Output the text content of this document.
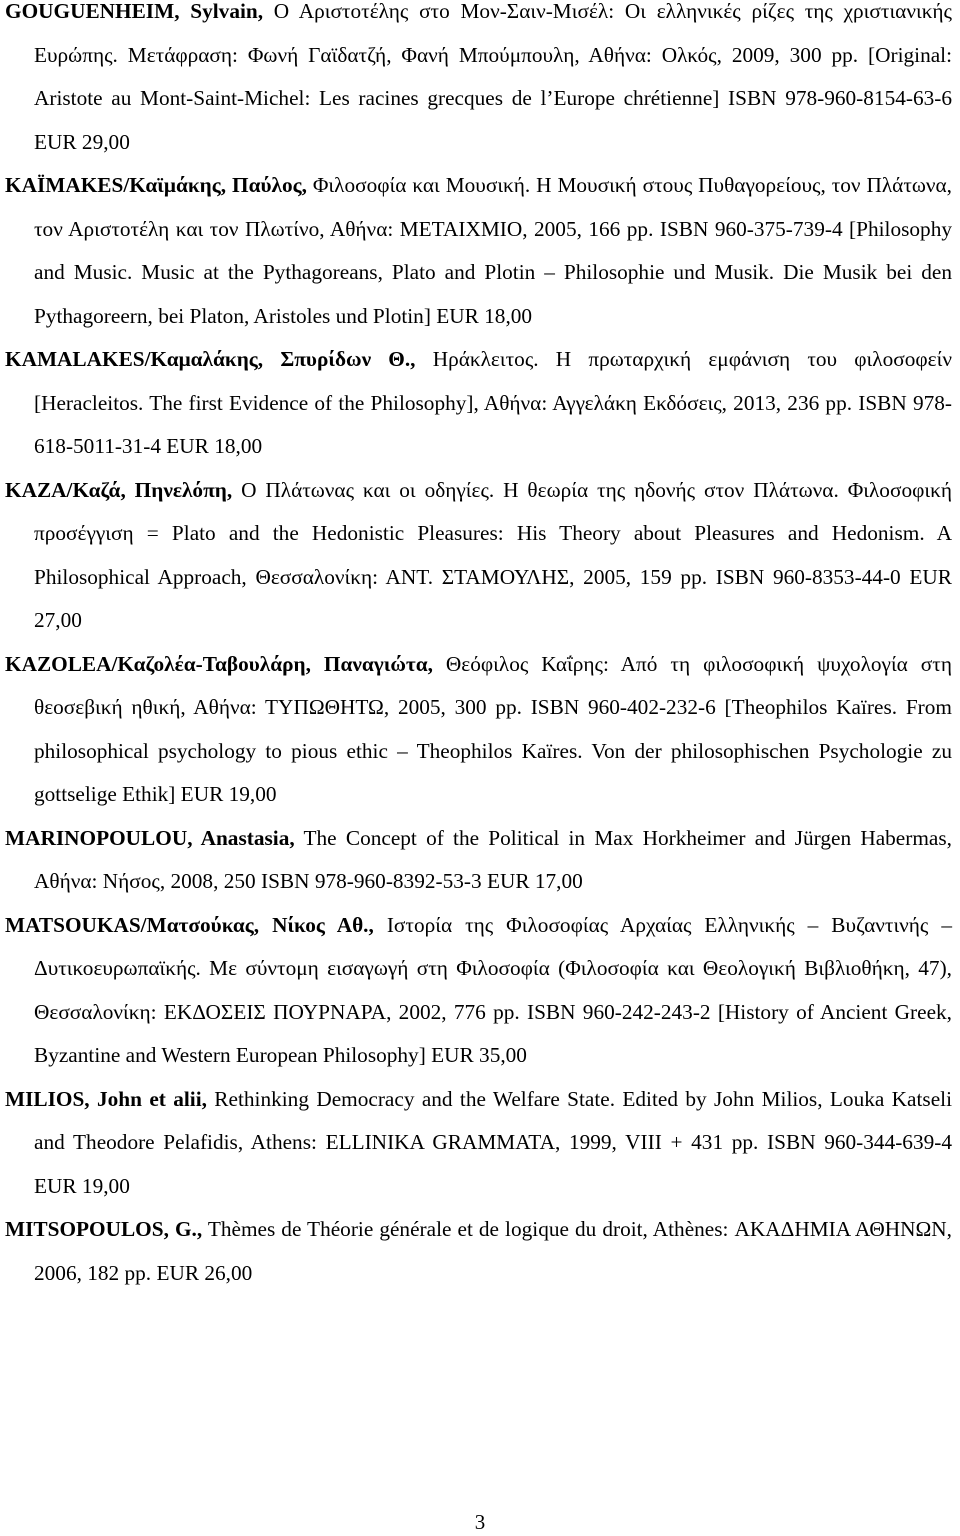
GOUGUENHEIM, Sylvain, Ο Αριστοτέλης στο Μον-Σαιν-Μισέλ: Οι ελληνικές ρίζες της χριστιανικής Ευρώπης. Μετάφραση: Φωνή Γαϊδατζή, Φανή Μπούμπουλη, Αθήνα: Ολκός, 2009, 300 pp. [Original: Aristote au Mont-Saint-Michel: Les racines grecques de l’Europe chrétienne] ISBN 978-960-8154-63-6 EUR 29,00

ΚΑΪΜΑΚΕS/Καϊμάκης, Παύλος, Φιλοσοφία και Μουσική. Η Μουσική στους Πυθαγορείους, τον Πλάτωνα, τον Αριστοτέλη και τον Πλωτίνο, Αθήνα: ΜΕΤΑΙΧΜΙΟ, 2005, 166 pp. ISBN 960-375-739-4 [Philosophy and Music. Music at the Pythagoreans, Plato and Plotin – Philosophie und Musik. Die Musik bei den Pythagoreern, bei Platon, Aristoles und Plotin] EUR 18,00

KAMALAKES/Καμαλάκης, Σπυρίδων Θ., Ηράκλειτος. Η πρωταρχική εμφάνιση του φιλοσοφείν [Heracleitos. The first Evidence of the Philosophy], Αθήνα: Αγγελάκη Εκδόσεις, 2013, 236 pp. ISBN 978-618-5011-31-4 EUR 18,00

KAZA/Καζά, Πηνελόπη, Ο Πλάτωνας και οι οδηγίες. Η θεωρία της ηδονής στον Πλάτωνα. Φιλοσοφική προσέγγιση = Plato and the Hedonistic Pleasures: His Theory about Pleasures and Hedonism. A Philosophical Approach, Θεσσαλονίκη: ΑΝΤ. ΣΤΑΜΟΥΛΗΣ, 2005, 159 pp. ISBN 960-8353-44-0 EUR 27,00

KAZOLEA/Καζολέα-Ταβουλάρη, Παναγιώτα, Θεόφιλος Καΐρης: Από τη φιλοσοφική ψυχολογία στη θεοσεβική ηθική, Αθήνα: ΤΥΠΩΘΗΤΩ, 2005, 300 pp. ISBN 960-402-232-6 [Theophilos Kaïres. From philosophical psychology to pious ethic – Theophilos Kaïres. Von der philosophischen Psychologie zu gottselige Ethik] EUR 19,00

MARINOPOULOU, Anastasia, The Concept of the Political in Max Horkheimer and Jürgen Habermas, Αθήνα: Νήσος, 2008, 250 ISBN 978-960-8392-53-3 EUR 17,00

MATSOUKAS/Ματσούκας, Νίκος Αθ., Ιστορία της Φιλοσοφίας Αρχαίας Ελληνικής – Βυζαντινής – Δυτικοευρωπαϊκής. Με σύντομη εισαγωγή στη Φιλοσοφία (Φιλοσοφία και Θεολογική Βιβλιοθήκη, 47), Θεσσαλονίκη: ΕΚΔΟΣΕΙΣ ΠΟΥΡΝΑΡΑ, 2002, 776 pp. ISBN 960-242-243-2 [History of Ancient Greek, Byzantine and Western European Philosophy] EUR 35,00

MILIOS, John et alii, Rethinking Democracy and the Welfare State. Edited by John Milios, Louka Katseli and Theodore Pelafidis, Athens: ELLINIKA GRAMMATA, 1999, VIII + 431 pp. ISBN 960-344-639-4 EUR 19,00

MITSOPOULOS, G., Thèmes de Théorie générale et de logique du droit, Athènes: ΑΚΑΔΗΜΙΑ ΑΘΗΝΩΝ, 2006, 182 pp. EUR 26,00

3
